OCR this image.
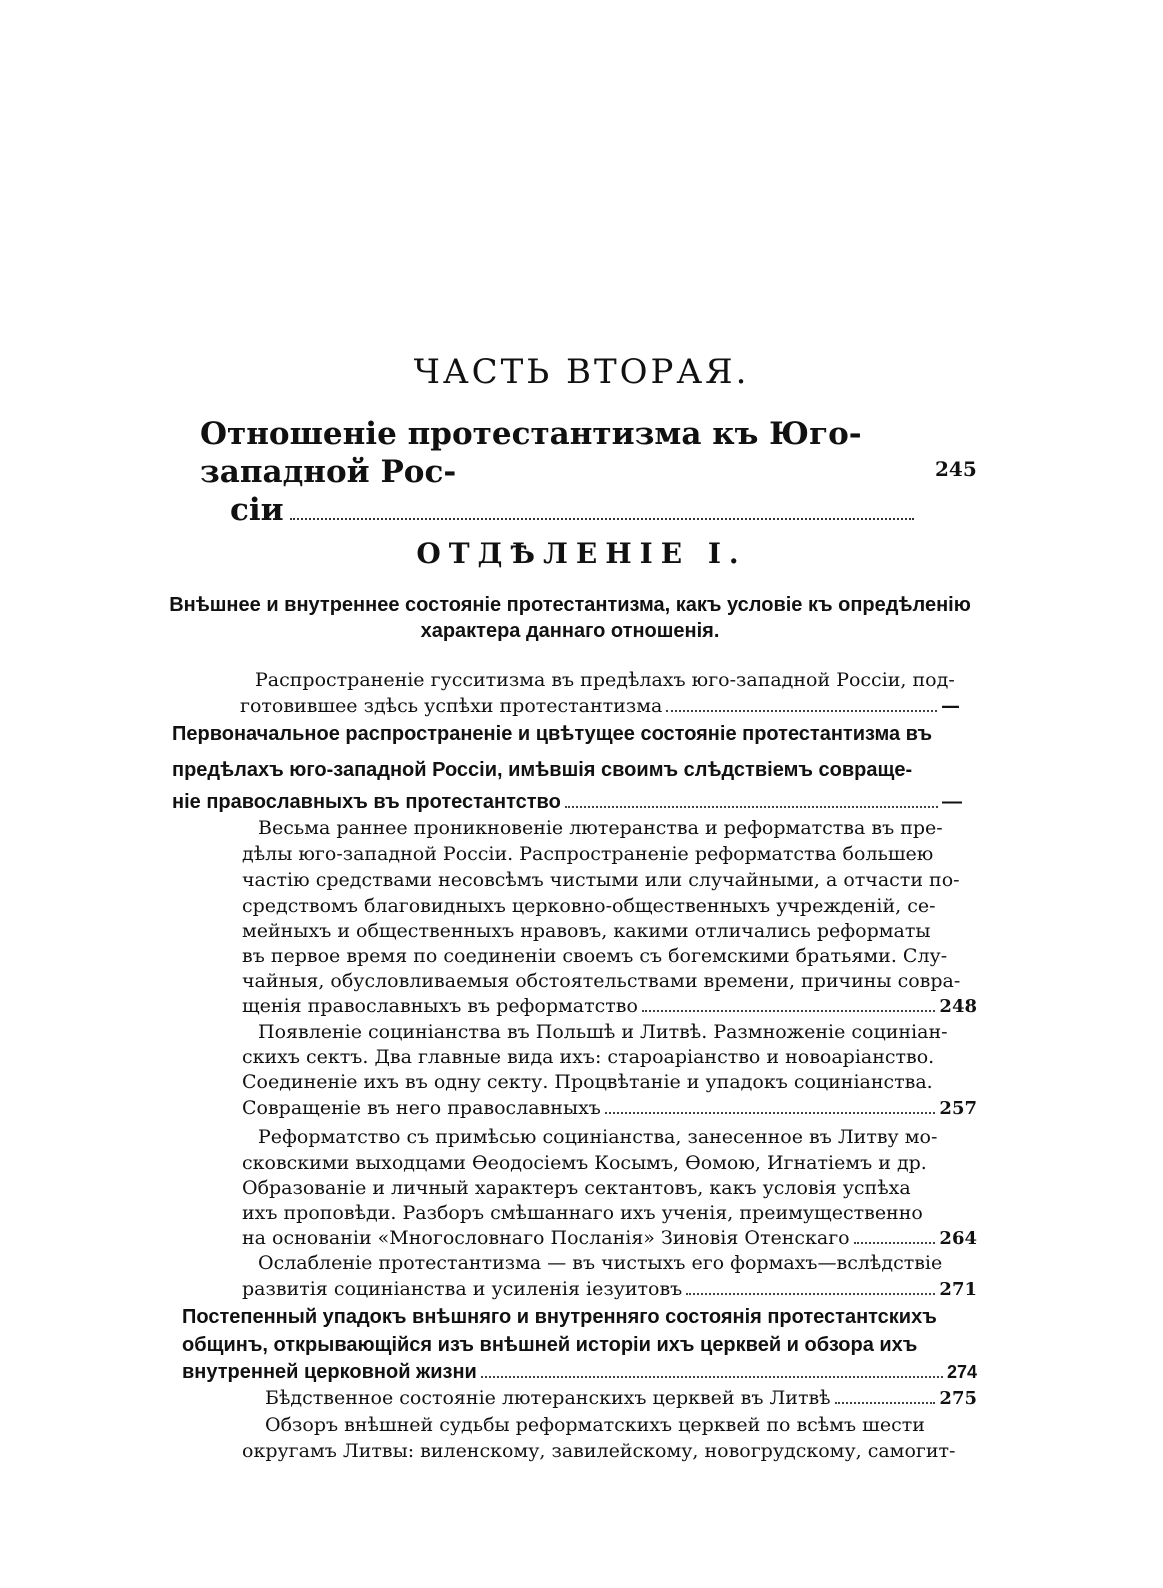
ЧАСТЬ ВТОРАЯ.
Отношенiе протестантизма къ Юго-западной Рос-
сiи
245
ОТДѢЛЕНIЕ I.
Внѣшнее и внутреннее состоянiе протестантизма, какъ условiе къ опредѣленiю
характера даннаго отношенiя.
Распространенiе гусситизма въ предѣлахъ юго-западной Россiи, под-
готовившее здѣсь успѣхи протестантизма	—
Первоначальное распространенiе и цвѣтущее состоянiе протестантизма въ
предѣлахъ юго-западной Россiи, имѣвшiя своимъ слѣдствiемъ совраще-
нiе православныхъ въ протестантство	—
Весьма раннее проникновенiе лютеранства и реформатства въ пре-
дѣлы юго-западной Россiи. Распространенiе реформатства большею
частiю средствами несовсѣмъ чистыми или случайными, а отчасти по-
средствомъ благовидныхъ церковно-общественныхъ учрежденiй, се-
мейныхъ и общественныхъ нравовъ, какими отличались реформаты
въ первое время по соединенiи своемъ съ богемскими братьями. Слу-
чайныя, обусловливаемыя обстоятельствами времени, причины совра-
щенiя православныхъ въ реформатство	248
Появленiе социнiанства въ Польшѣ и Литвѣ. Размноженiе социнiан-
скихъ сектъ. Два главные вида ихъ: староарiанство и новоарiанство.
Соединенiе ихъ въ одну секту. Процвѣтанiе и упадокъ социнiанства.
Совращенiе въ него православныхъ	257
Реформатство съ примѣсью социнiанства, занесенное въ Литву мо-
сковскими выходцами Ѳеодосiемъ Косымъ, Ѳомою, Игнатiемъ и др.
Образованiе и личный характеръ сектантовъ, какъ условiя успѣха
ихъ проповѣди. Разборъ смѣшаннаго ихъ ученiя, преимущественно
на основанiи «Многословнаго Посланiя» Зиновiя Отенскаго	264
Ослабленiе протестантизма — въ чистыхъ его формахъ—вслѣдствiе
развитiя социнiанства и усиленiя iезуитовъ	271
Постепенный упадокъ внѣшняго и внутренняго состоянiя протестантскихъ
общинъ, открывающiйся изъ внѣшней исторiи ихъ церквей и обзора ихъ
внутренней церковной жизни	274
Бѣдственное состоянiе лютеранскихъ церквей въ Литвѣ	275
Обзоръ внѣшней судьбы реформатскихъ церквей по всѣмъ шести
округамъ Литвы: виленскому, завилейскому, новогрудскому, самогит-
